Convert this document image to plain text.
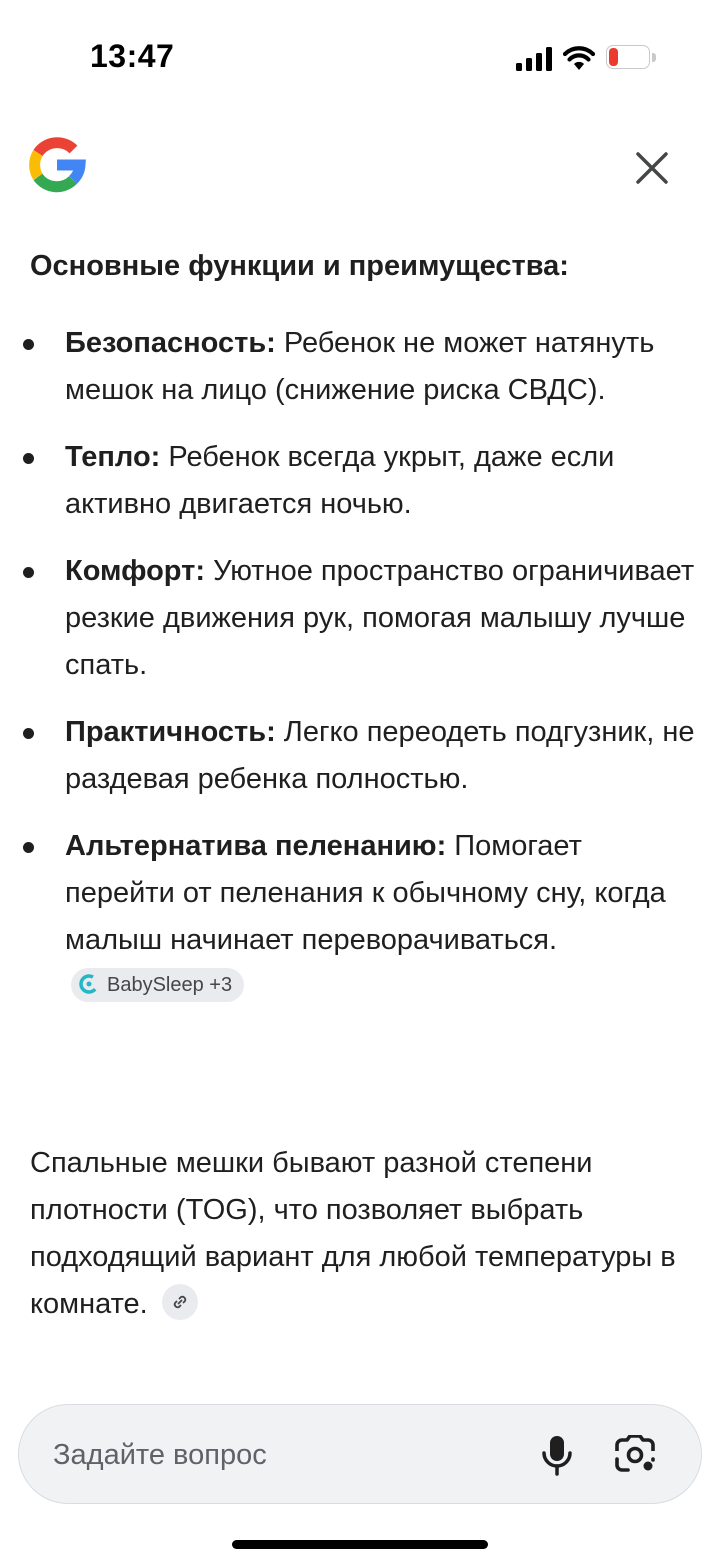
13:47	12
Основные функции и преимущества:
Безопасность: Ребенок не может натянуть мешок на лицо (снижение риска СВДС).
Тепло: Ребенок всегда укрыт, даже если активно двигается ночью.
Комфорт: Уютное пространство ограничивает резкие движения рук, помогая малышу лучше спать.
Практичность: Легко переодеть подгузник, не раздевая ребенка полностью.
Альтернатива пеленанию: Помогает перейти от пеленания к обычному сну, когда малыш начинает переворачиваться. BabySleep +3
Спальные мешки бывают разной степени плотности (TOG), что позволяет выбрать подходящий вариант для любой температуры в комнате.
Задайте вопрос
